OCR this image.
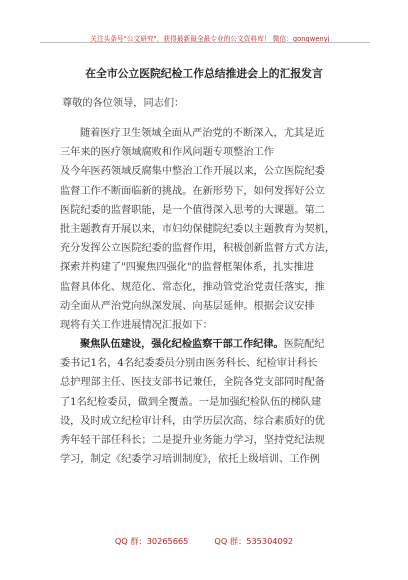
关注头条号"公文研究"，获得最新最全最专业的公文资料库！ 微信：gongwenyj
在全市公立医院纪检工作总结推进会上的汇报发言
尊敬的各位领导，同志们：
随着医疗卫生领域全面从严治党的不断深入，尤其是近
三年来的医疗领域腐败和作风问题专项整治工作
及今年医药领域反腐集中整治工作开展以来，公立医院纪委
监督工作不断面临新的挑战。在新形势下，如何发挥好公立
医院纪委的监督职能，是一个值得深入思考的大课题。第二
批主题教育开展以来，市妇幼保健院纪委以主题教育为契机，
充分发挥公立医院纪委的监督作用，积极创新监督方式方法，
探索并构建了"四聚焦四强化"的监督框架体系，扎实推进
监督具体化、规范化、常态化，推动管党治党责任落实，推
动全面从严治党向纵深发展、向基层延伸。根据会议安排
现将有关工作进展情况汇报如下：
聚焦队伍建设，强化纪检监察干部工作纪律。医院配纪
委书记1名，4名纪委委员分别由医务科长、纪检审计科长
总护理部主任、医技支部书记兼任，全院各党支部同时配备
了1名纪检委员，做到全覆盖。一是加强纪检队伍的梯队建
设，及时成立纪检审计科，由学历层次高、综合素质好的优
秀年轻干部任科长；二是提升业务能力学习，坚持党纪法规
学习，制定《纪委学习培训制度》，依托上级培训、工作例
QQ 群：30265665	QQ 群：535304092
